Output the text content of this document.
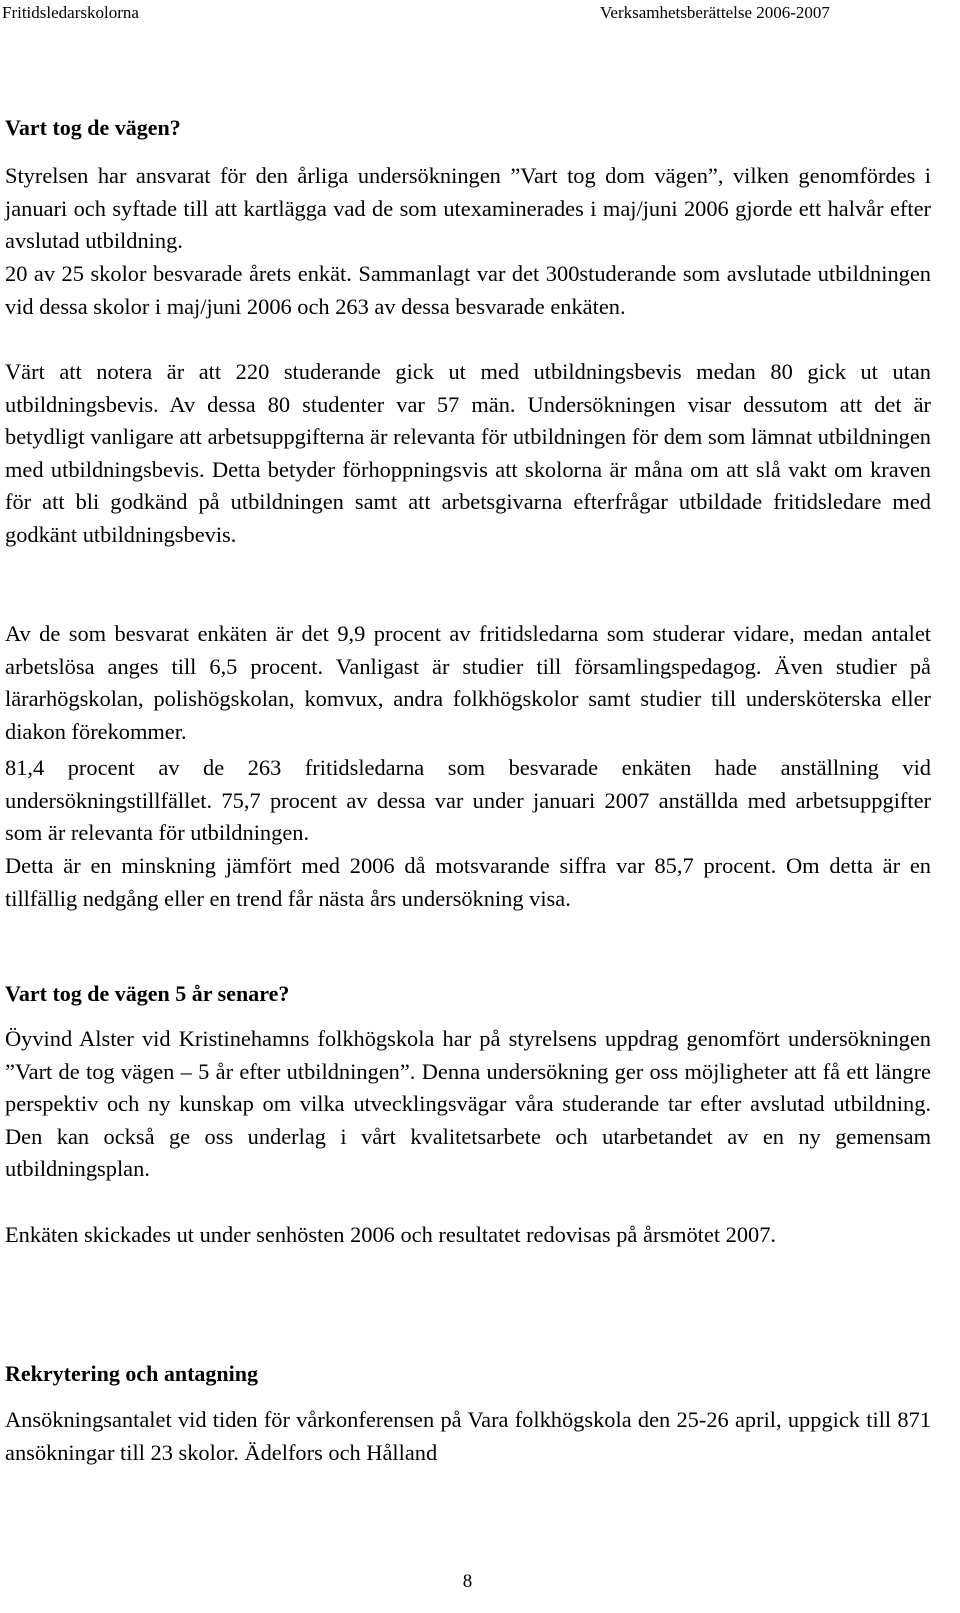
Fritidsledarskolorna	Verksamhetsberättelse 2006-2007
Vart tog de vägen?

Styrelsen har ansvarat för den årliga undersökningen ”Vart tog dom vägen”, vilken genomfördes i januari och syftade till att kartlägga vad de som utexaminerades i maj/juni 2006 gjorde ett halvår efter avslutad utbildning.

20 av 25 skolor besvarade årets enkät. Sammanlagt var det 300studerande som avslutade utbildningen vid dessa skolor i maj/juni 2006 och 263 av dessa besvarade enkäten.

Värt att notera är att 220 studerande gick ut med utbildningsbevis medan 80 gick ut utan utbildningsbevis. Av dessa 80 studenter var 57 män. Undersökningen visar dessutom att det är betydligt vanligare att arbetsuppgifterna är relevanta för utbildningen för dem som lämnat utbildningen med utbildningsbevis. Detta betyder förhoppningsvis att skolorna är måna om att slå vakt om kraven för att bli godkänd på utbildningen samt att arbetsgivarna efterfrågar utbildade fritidsledare med godkänt utbildningsbevis.

Av de som besvarat enkäten är det 9,9 procent av fritidsledarna som studerar vidare, medan antalet arbetslösa anges till 6,5 procent. Vanligast är studier till församlingspedagog. Även studier på lärarhögskolan, polishögskolan, komvux, andra folkhögskolor samt studier till undersköterska eller diakon förekommer.

81,4 procent av de 263 fritidsledarna som besvarade enkäten hade anställning vid undersökningstillfället. 75,7 procent av dessa var under januari 2007 anställda med arbetsuppgifter som är relevanta för utbildningen.

Detta är en minskning jämfört med 2006 då motsvarande siffra var 85,7 procent. Om detta är en tillfällig nedgång eller en trend får nästa års undersökning visa.

Vart tog de vägen 5 år senare?

Öyvind Alster vid Kristinehamns folkhögskola har på styrelsens uppdrag genomfört undersökningen ”Vart de tog vägen – 5 år efter utbildningen”. Denna undersökning ger oss möjligheter att få ett längre perspektiv och ny kunskap om vilka utvecklingsvägar våra studerande tar efter avslutad utbildning. Den kan också ge oss underlag i vårt kvalitetsarbete och utarbetandet av en ny gemensam utbildningsplan.

Enkäten skickades ut under senhösten 2006 och resultatet redovisas på årsmötet 2007.

Rekrytering och antagning

Ansökningsantalet vid tiden för vårkonferensen på Vara folkhögskola den 25-26 april, uppgick till 871 ansökningar till 23 skolor. Ädelfors och Hålland

8
